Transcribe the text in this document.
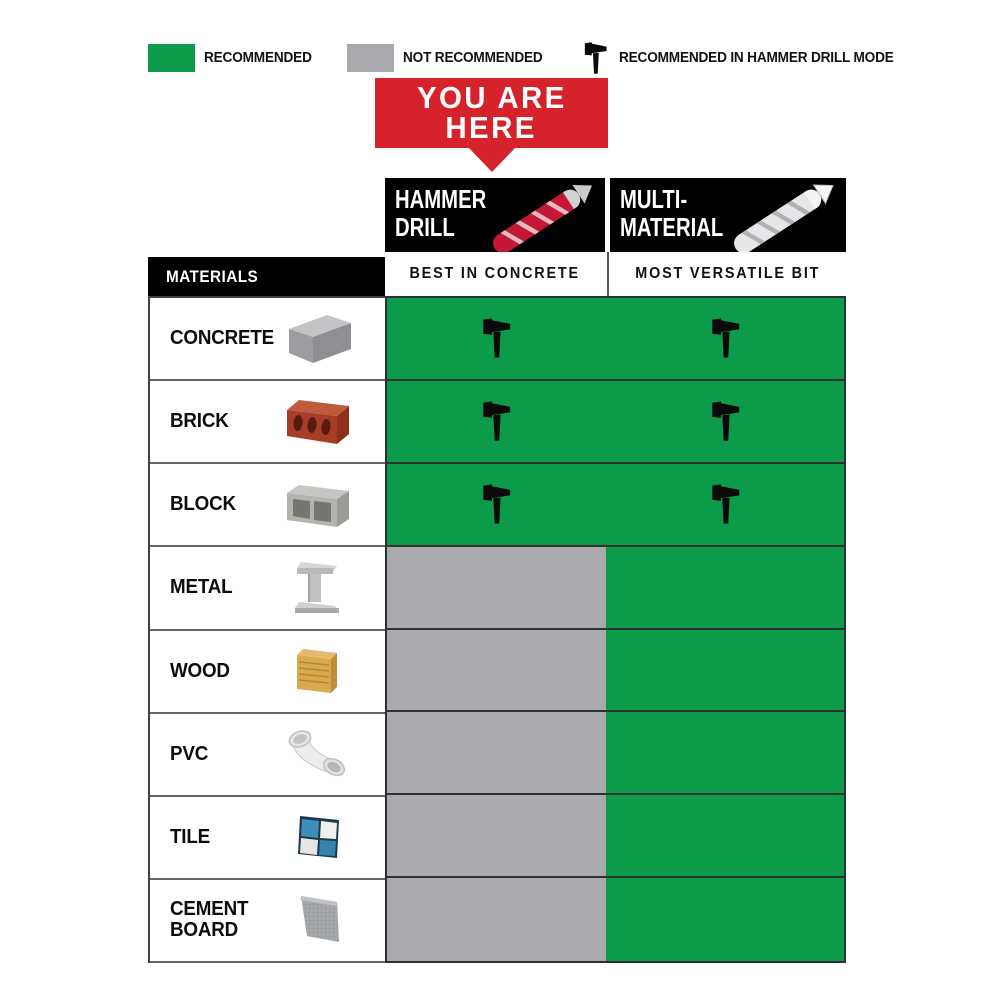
RECOMMENDED	NOT RECOMMENDED	RECOMMENDED IN HAMMER DRILL MODE
YOU ARE
HERE
HAMMER
DRILL
MULTI-
MATERIAL
BEST IN CONCRETE	MOST VERSATILE BIT
MATERIALS
CONCRETE
BRICK
BLOCK
METAL
WOOD
PVC
TILE
CEMENT BOARD
